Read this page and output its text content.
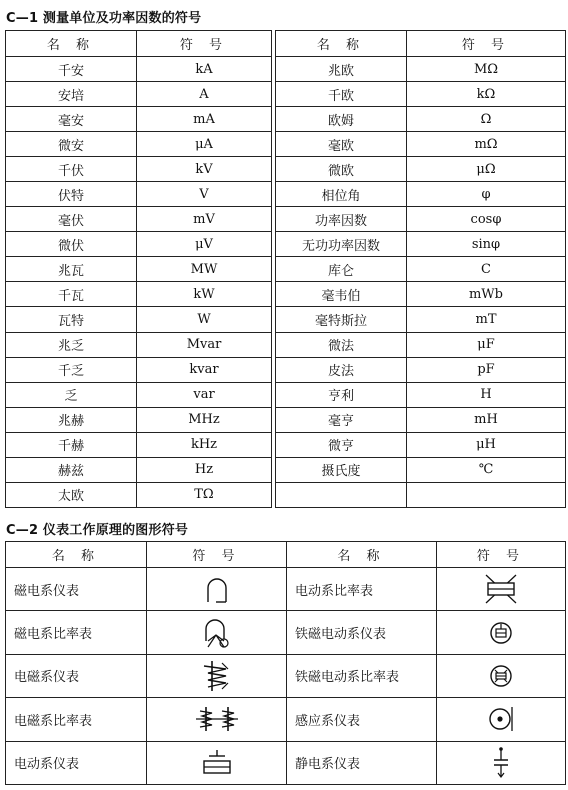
C—1 测量单位及功率因数的符号
名 称	符 号		名 称	符 号
千安	kA		兆欧	MΩ
安培	A		千欧	kΩ
毫安	mA		欧姆	Ω
微安	μA		毫欧	mΩ
千伏	kV		微欧	μΩ
伏特	V		相位角	φ
毫伏	mV		功率因数	cosφ
微伏	μV		无功功率因数	sinφ
兆瓦	MW		库仑	C
千瓦	kW		毫韦伯	mWb
瓦特	W		毫特斯拉	mT
兆乏	Mvar		微法	μF
千乏	kvar		皮法	pF
乏	var		亨利	H
兆赫	MHz		毫亨	mH
千赫	kHz		微亨	μH
赫兹	Hz		摄氏度	℃
太欧	TΩ			
C—2 仪表工作原理的图形符号
名 称	符 号	名 称	符 号
磁电系仪表		电动系比率表	

磁电系比率表		铁磁电动系仪表	

电磁系仪表		铁磁电动系比率表	

电磁系比率表		感应系仪表	

电动系仪表		静电系仪表	
